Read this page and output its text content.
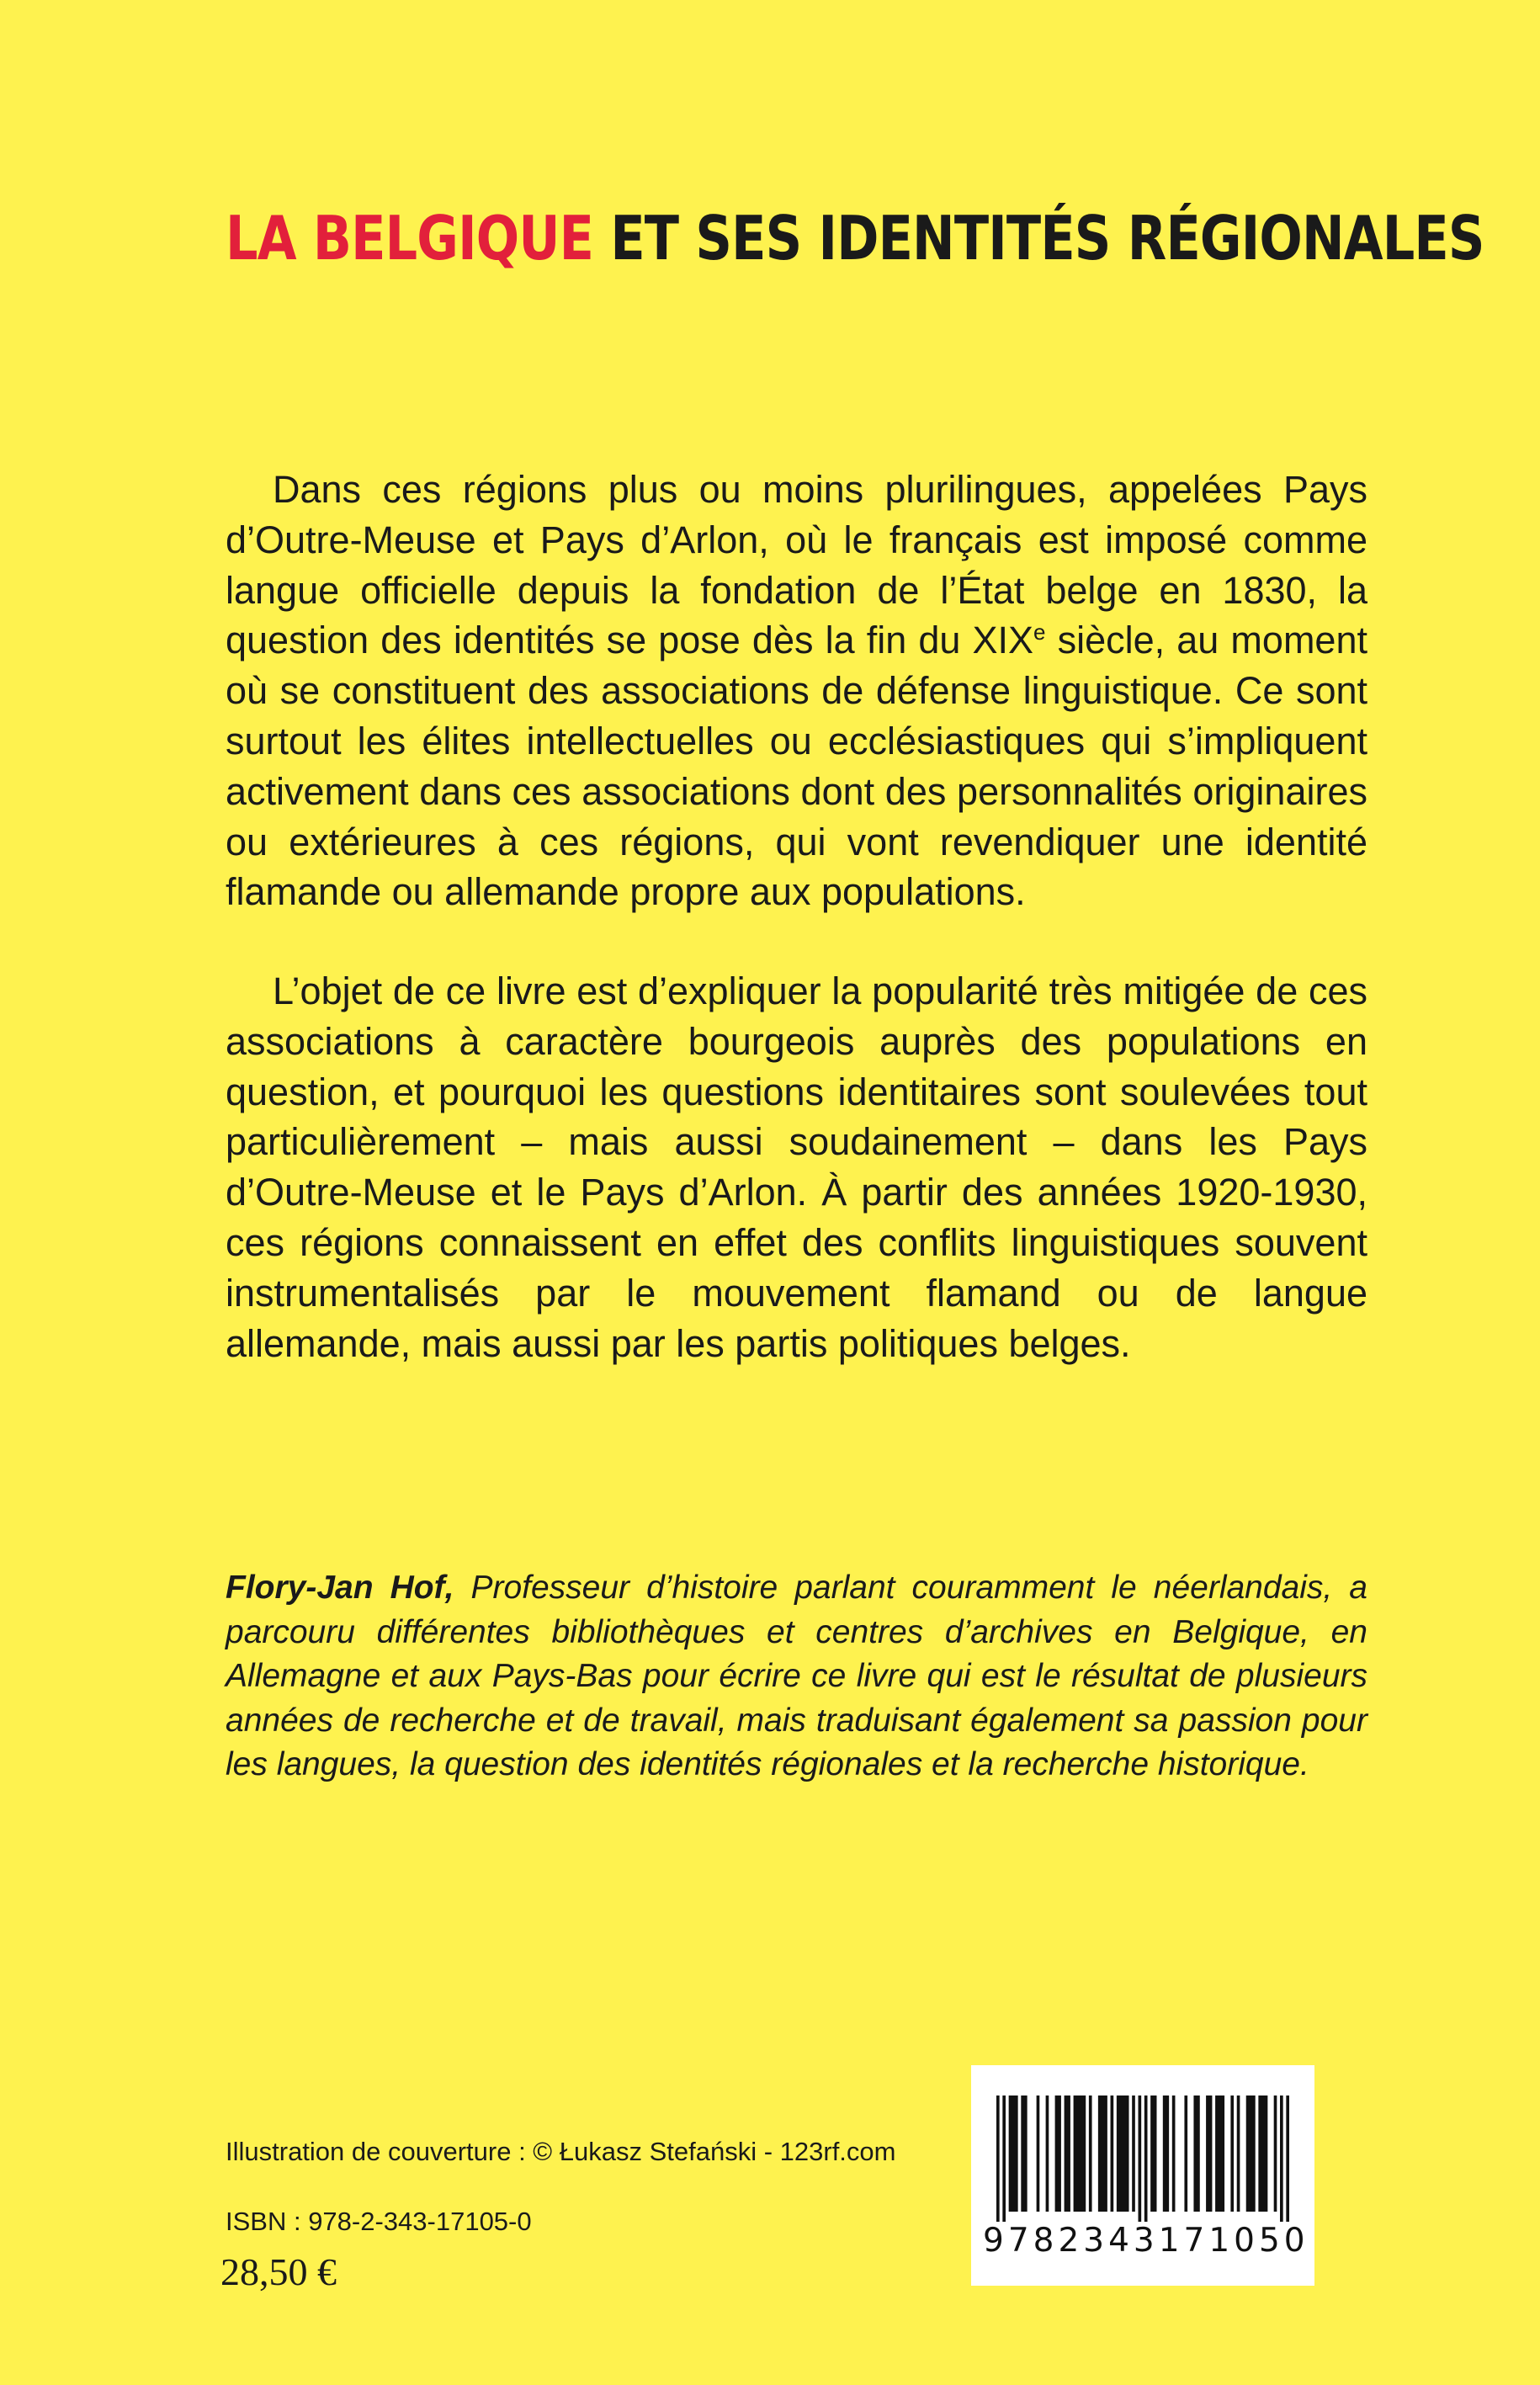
LA BELGIQUE ET SES IDENTITÉS RÉGIONALES

Dans ces régions plus ou moins plurilingues, appelées Pays d’Outre-Meuse et Pays d’Arlon, où le français est imposé comme langue officielle depuis la fondation de l’État belge en 1830, la question des identités se pose dès la fin du XIXe siècle, au moment où se constituent des associations de défense linguistique. Ce sont surtout les élites intellectuelles ou ecclésiastiques qui s’impliquent activement dans ces associations dont des personnalités originaires ou extérieures à ces régions, qui vont revendiquer une identité flamande ou allemande propre aux populations.

L’objet de ce livre est d’expliquer la popularité très mitigée de ces associations à caractère bourgeois auprès des populations en question, et pourquoi les questions identitaires sont soulevées tout particulièrement – mais aussi soudainement – dans les Pays d’Outre-Meuse et le Pays d’Arlon. À partir des années 1920-1930, ces régions connaissent en effet des conflits linguistiques souvent instrumentalisés par le mouvement flamand ou de langue allemande, mais aussi par les partis politiques belges.

Flory-Jan Hof, Professeur d’histoire parlant couramment le néerlandais, a parcouru différentes bibliothèques et centres d’archives en Belgique, en Allemagne et aux Pays-Bas pour écrire ce livre qui est le résultat de plusieurs années de recherche et de travail, mais traduisant également sa passion pour les langues, la question des identités régionales et la recherche historique.

Illustration de couverture : © Łukasz Stefański - 123rf.com
ISBN : 978-2-343-17105-0
28,50 €
9782343171050
